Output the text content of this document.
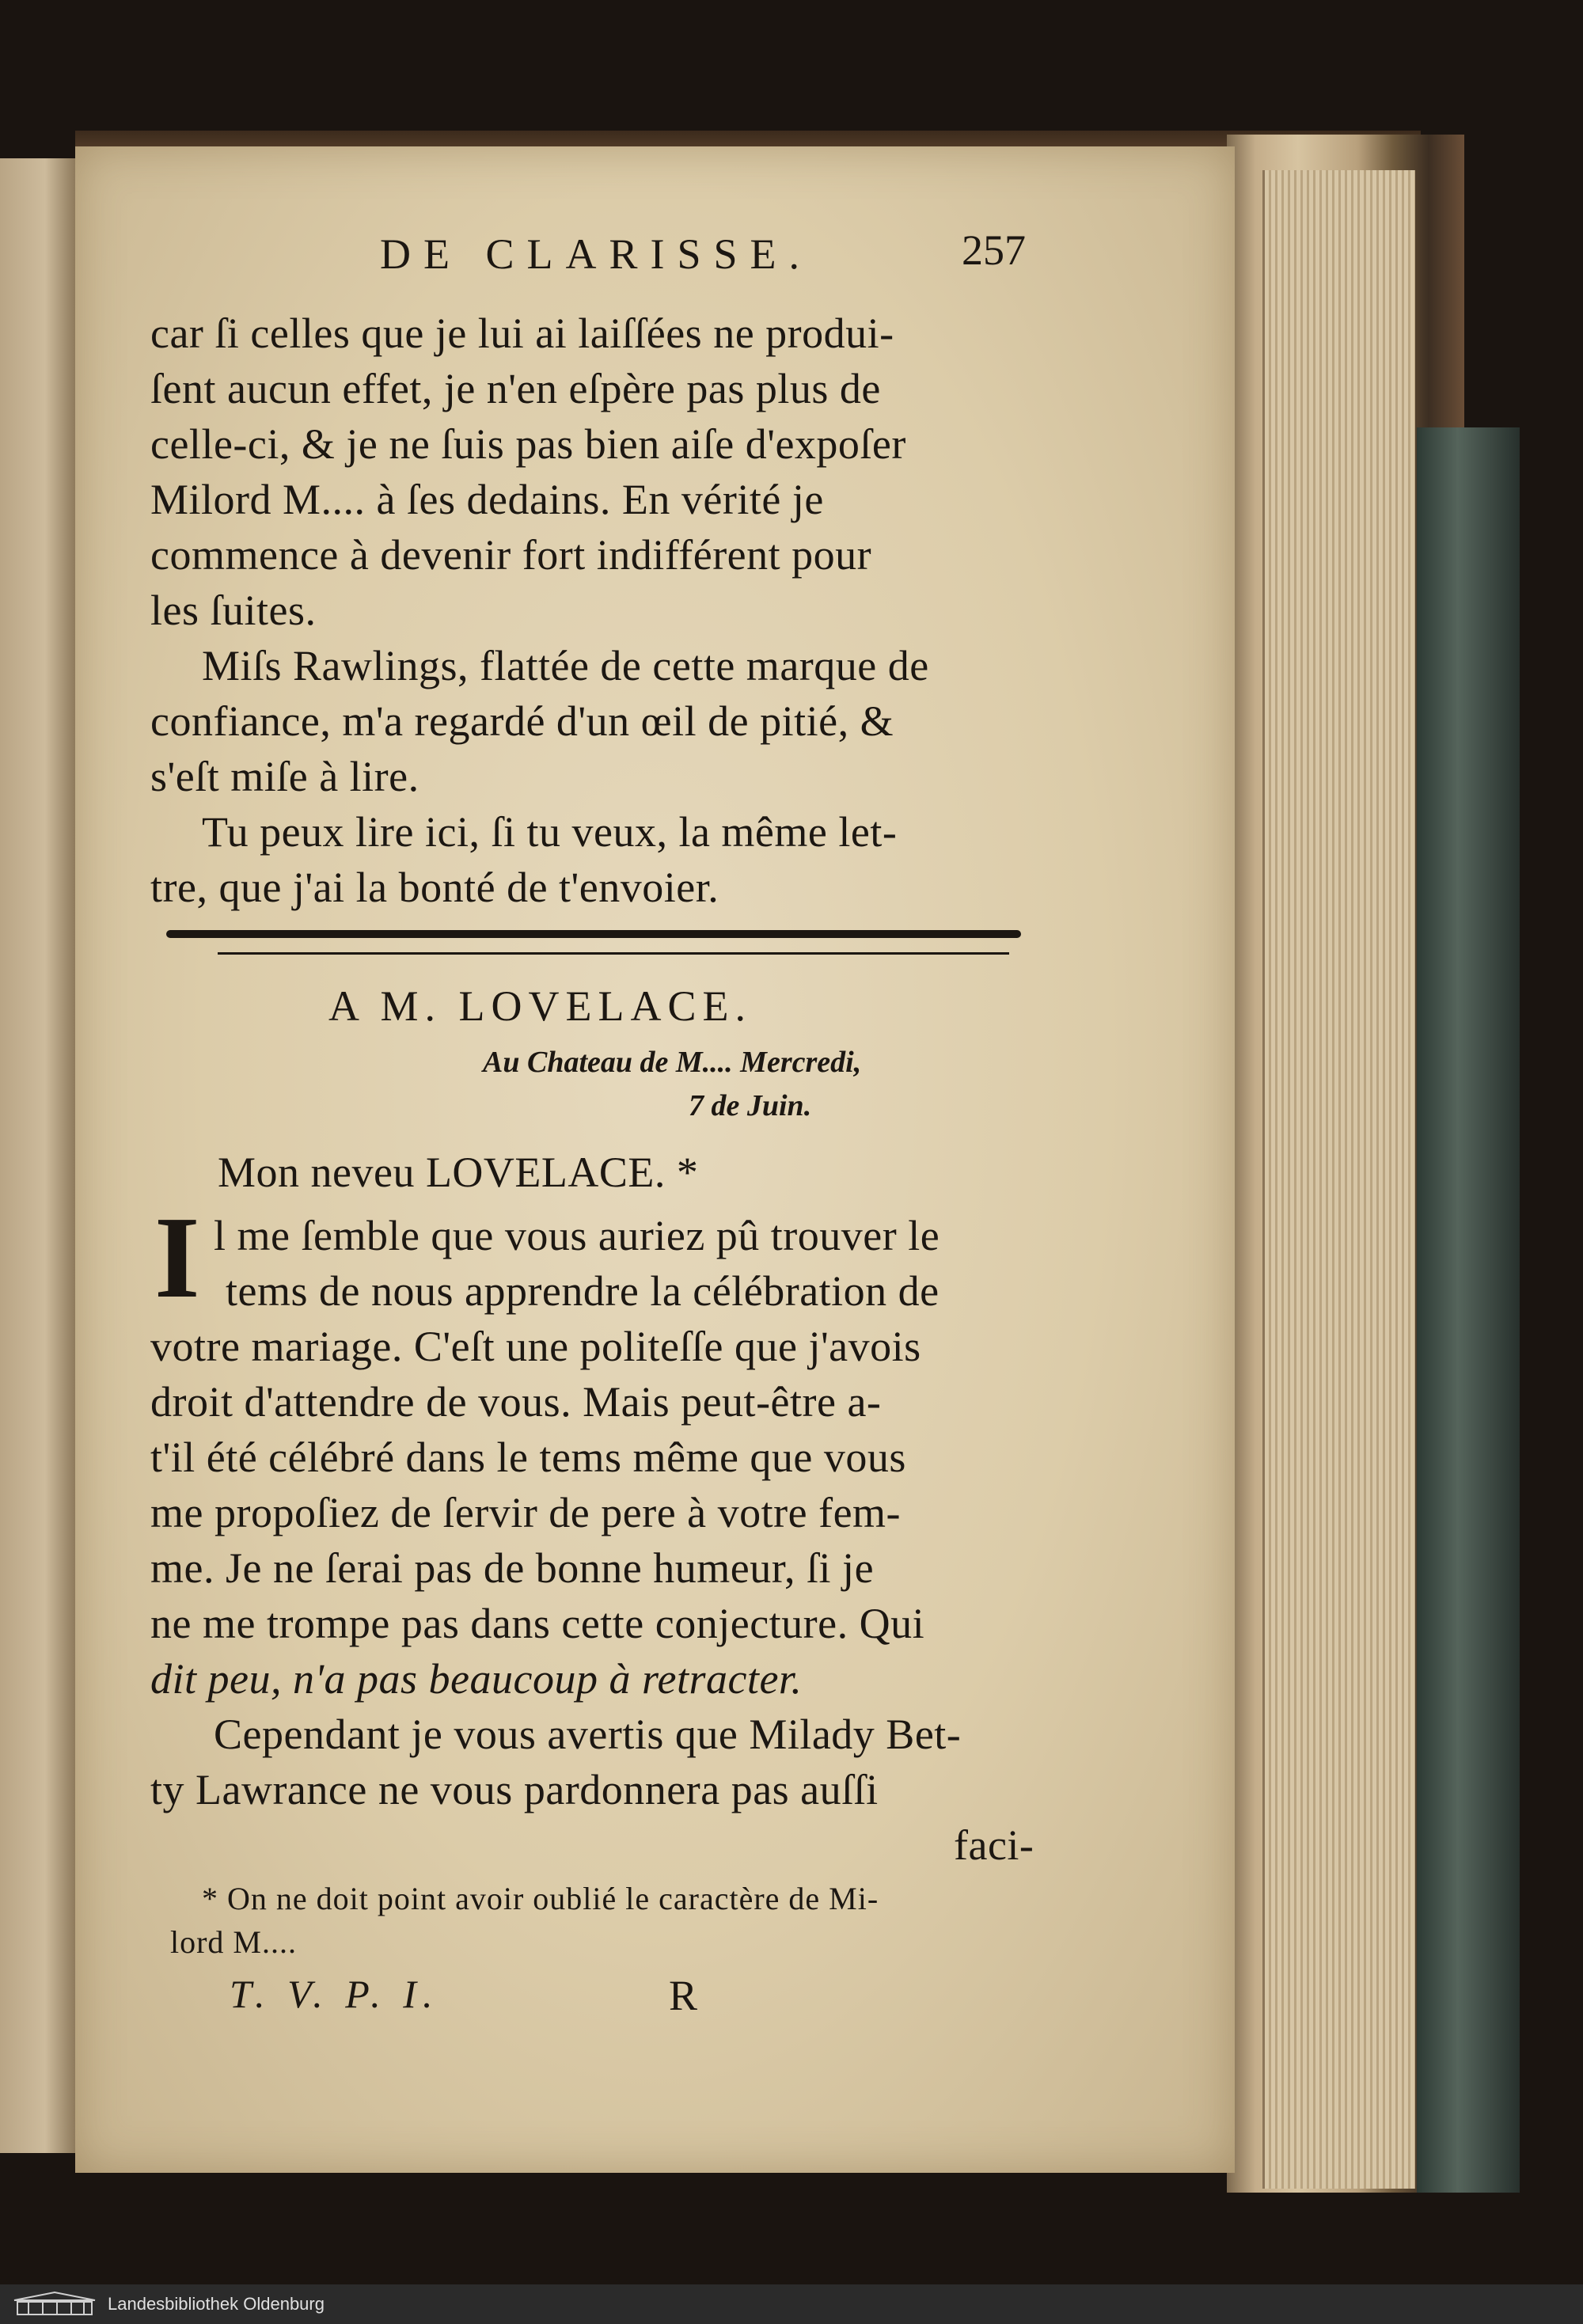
DE CLARISSE.	257
car ſi celles que je lui ai laiſſées ne produi-
ſent aucun effet, je n'en eſpère pas plus de
celle-ci, & je ne ſuis pas bien aiſe d'expoſer
Milord M.... à ſes dedains. En vérité je
commence à devenir fort indifférent pour
les ſuites.
Miſs Rawlings, flattée de cette marque de
confiance, m'a regardé d'un œil de pitié, &
s'eſt miſe à lire.
Tu peux lire ici, ſi tu veux, la même let-
tre, que j'ai la bonté de t'envoier.
A M. LOVELACE.
Au Chateau de M.... Mercredi,
7 de Juin.
Mon neveu LOVELACE. *
I l me ſemble que vous auriez pû trouver le
tems de nous apprendre la célébration de
votre mariage. C'eſt une politeſſe que j'avois
droit d'attendre de vous. Mais peut-être a-
t'il été célébré dans le tems même que vous
me propoſiez de ſervir de pere à votre fem-
me. Je ne ſerai pas de bonne humeur, ſi je
ne me trompe pas dans cette conjecture. Qui
dit peu, n'a pas beaucoup à retracter.
Cependant je vous avertis que Milady Bet-
ty Lawrance ne vous pardonnera pas auſſi
faci-
* On ne doit point avoir oublié le caractère de Mi-
lord M....
T. V. P. I.	R
Landesbibliothek Oldenburg
